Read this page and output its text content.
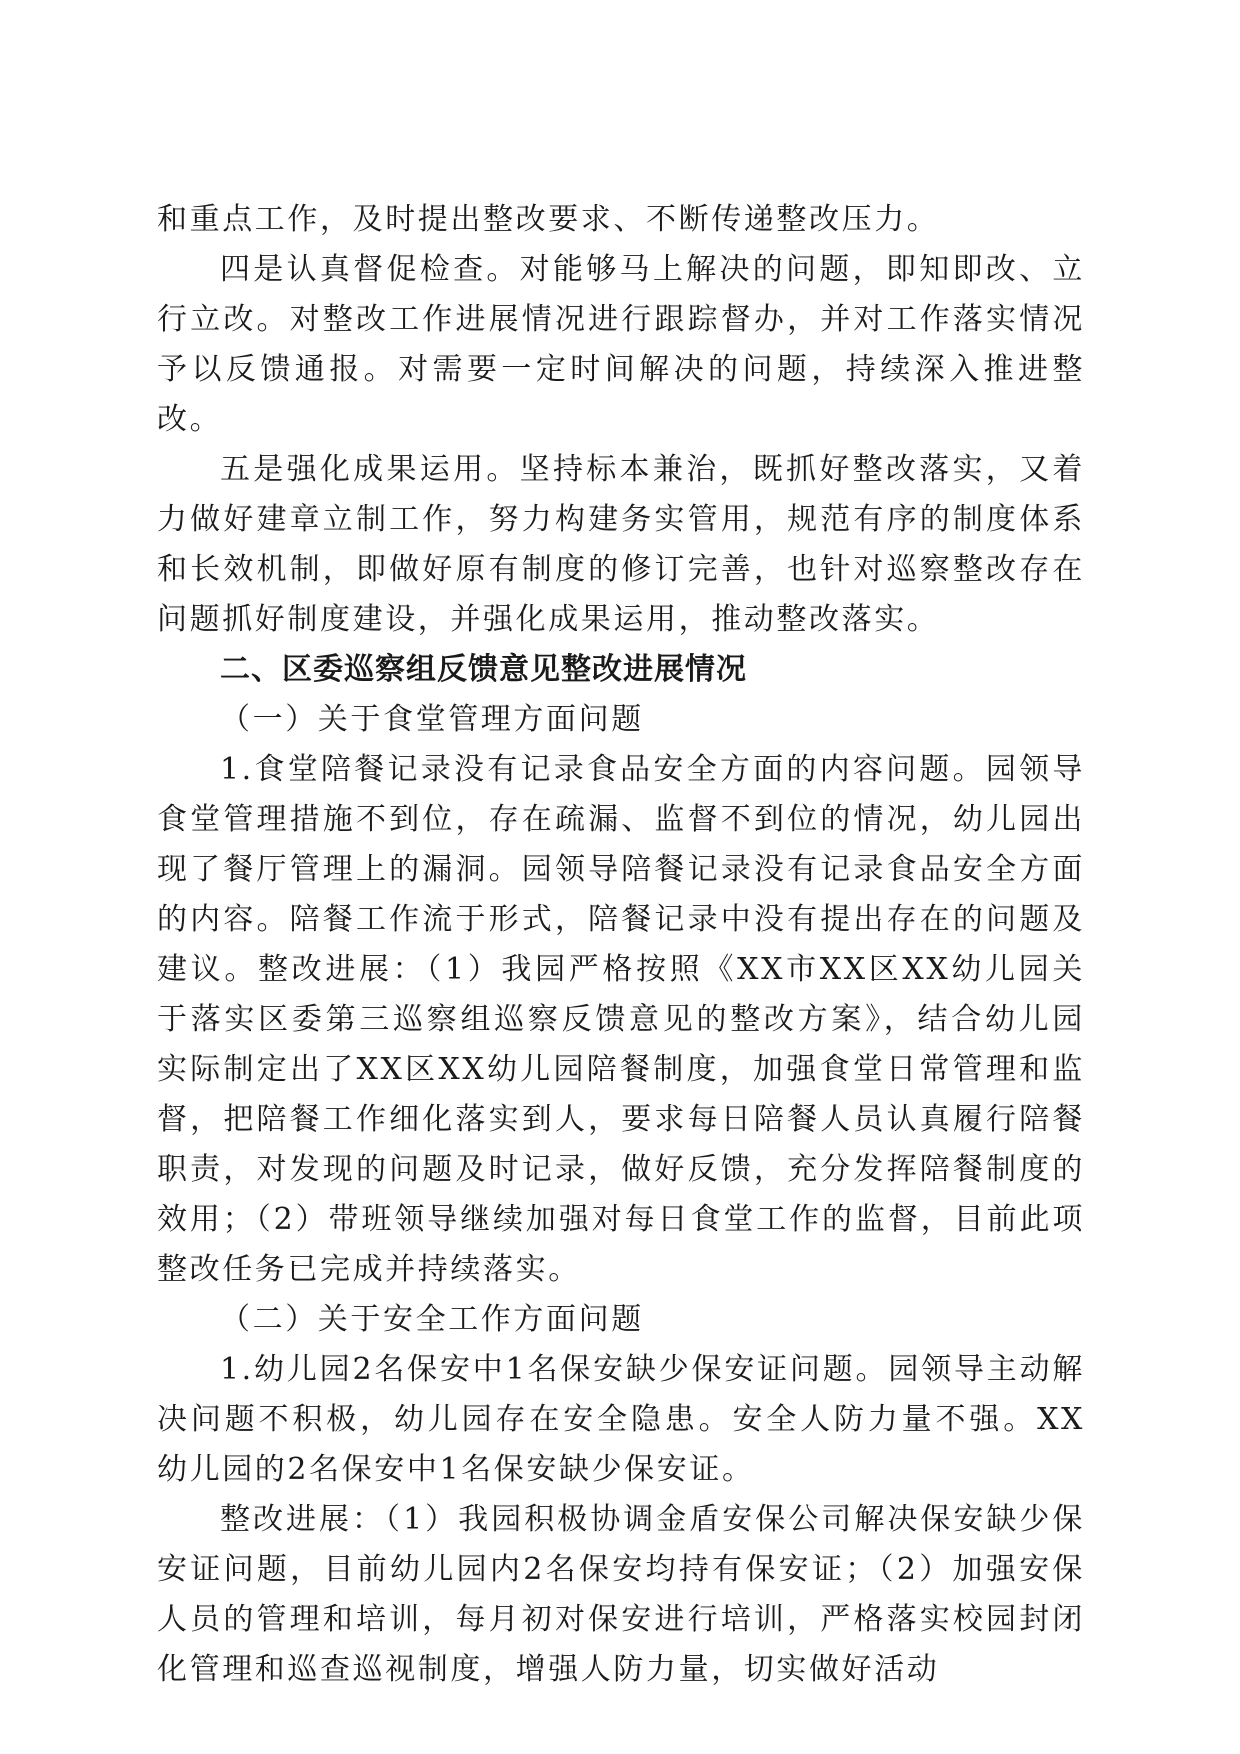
和重点工作，及时提出整改要求、不断传递整改压力。

四是认真督促检查。对能够马上解决的问题，即知即改、立行立改。对整改工作进展情况进行跟踪督办，并对工作落实情况予以反馈通报。对需要一定时间解决的问题，持续深入推进整改。

五是强化成果运用。坚持标本兼治，既抓好整改落实，又着力做好建章立制工作，努力构建务实管用，规范有序的制度体系和长效机制，即做好原有制度的修订完善，也针对巡察整改存在问题抓好制度建设，并强化成果运用，推动整改落实。

二、区委巡察组反馈意见整改进展情况

（一）关于食堂管理方面问题

1.食堂陪餐记录没有记录食品安全方面的内容问题。园领导食堂管理措施不到位，存在疏漏、监督不到位的情况，幼儿园出现了餐厅管理上的漏洞。园领导陪餐记录没有记录食品安全方面的内容。陪餐工作流于形式，陪餐记录中没有提出存在的问题及建议。整改进展：（1）我园严格按照《XX市XX区XX幼儿园关于落实区委第三巡察组巡察反馈意见的整改方案》，结合幼儿园实际制定出了XX区XX幼儿园陪餐制度，加强食堂日常管理和监督，把陪餐工作细化落实到人，要求每日陪餐人员认真履行陪餐职责，对发现的问题及时记录，做好反馈，充分发挥陪餐制度的效用；（2）带班领导继续加强对每日食堂工作的监督，目前此项整改任务已完成并持续落实。

（二）关于安全工作方面问题

1.幼儿园2名保安中1名保安缺少保安证问题。园领导主动解决问题不积极，幼儿园存在安全隐患。安全人防力量不强。XX幼儿园的2名保安中1名保安缺少保安证。

整改进展：（1）我园积极协调金盾安保公司解决保安缺少保安证问题，目前幼儿园内2名保安均持有保安证；（2）加强安保人员的管理和培训，每月初对保安进行培训，严格落实校园封闭化管理和巡查巡视制度，增强人防力量，切实做好活动
